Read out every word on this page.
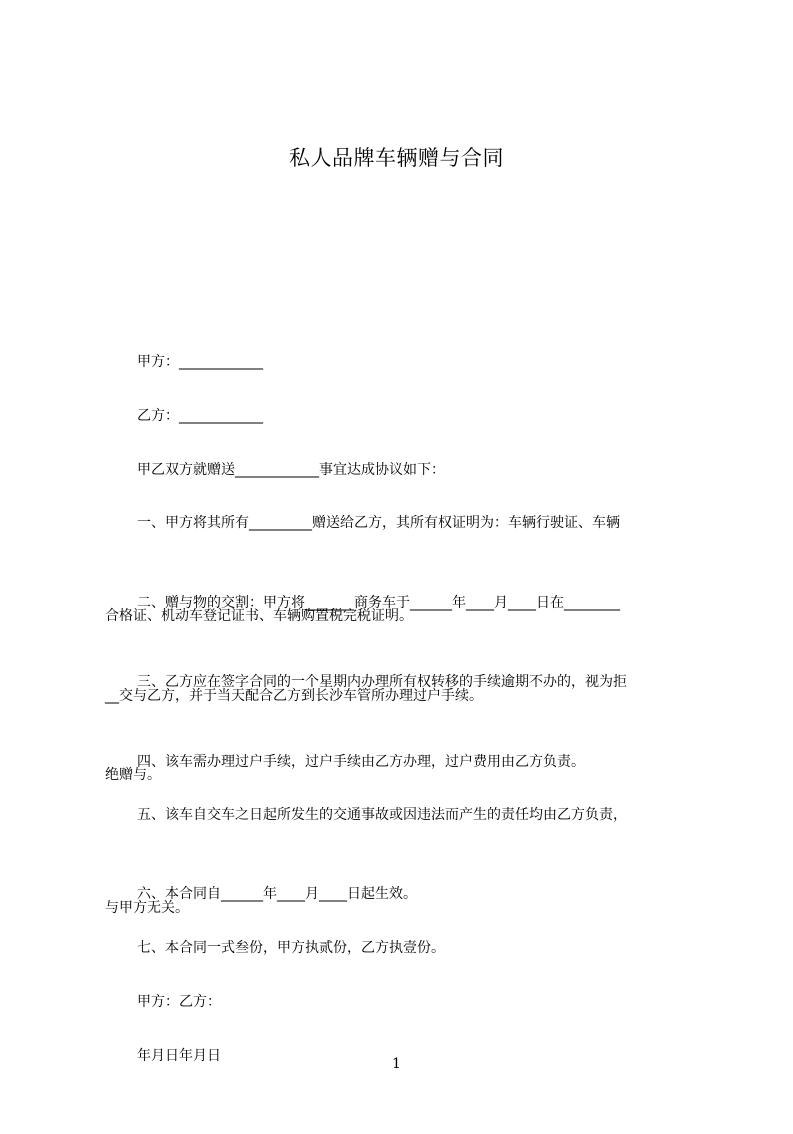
私人品牌车辆赠与合同

甲方：____________

乙方：____________

甲乙双方就赠送____________事宜达成协议如下：

一、甲方将其所有_________赠送给乙方，其所有权证明为：车辆行驶证、车辆

合格证、机动车登记证书、车辆购置税完税证明。

二、赠与物的交割：甲方将_______商务车于______年____月____日在________

__交与乙方，并于当天配合乙方到长沙车管所办理过户手续。

三、乙方应在签字合同的一个星期内办理所有权转移的手续逾期不办的，视为拒

绝赠与。

四、该车需办理过户手续，过户手续由乙方办理，过户费用由乙方负责。

五、该车自交车之日起所发生的交通事故或因违法而产生的责任均由乙方负责，

与甲方无关。

六、本合同自______年____月____日起生效。

七、本合同一式叁份，甲方执贰份，乙方执壹份。

甲方：乙方：

年月日年月日

	1
